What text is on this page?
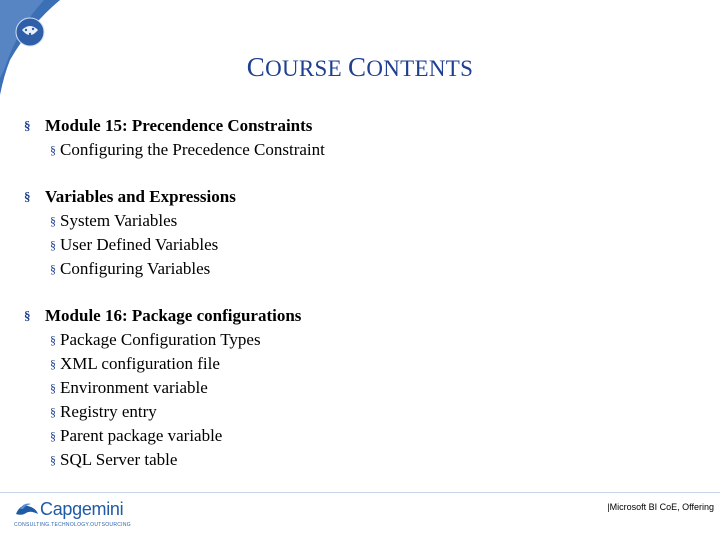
COURSE CONTENTS
§ Module 15: Precendence Constraints
§ Configuring the Precedence Constraint
§ Variables and Expressions
§ System Variables
§ User Defined Variables
§ Configuring Variables
§ Module 16: Package configurations
§ Package Configuration Types
§ XML configuration file
§ Environment variable
§ Registry entry
§ Parent package variable
§ SQL Server table
Capgemini
CONSULTING.TECHNOLOGY.OUTSOURCING
|Microsoft BI CoE, Offering
